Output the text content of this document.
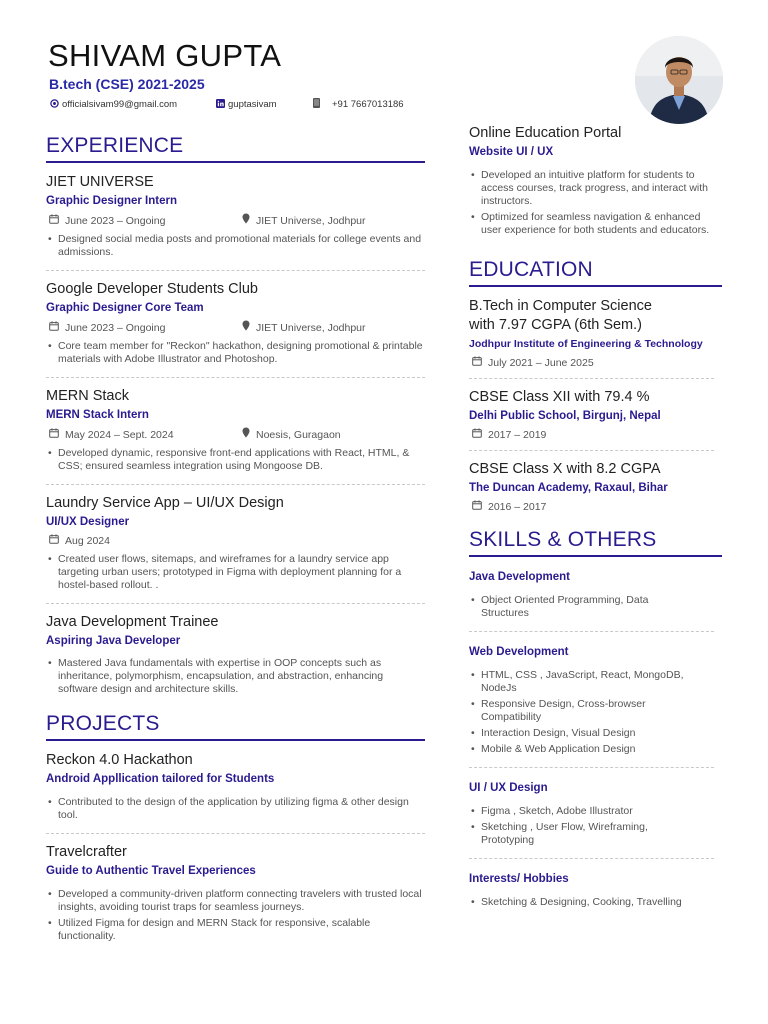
SHIVAM GUPTA
B.tech (CSE) 2021-2025
officialsivam99@gmail.com	guptasivam	+91 7667013186
EXPERIENCE
JIET UNIVERSE
Graphic Designer Intern
June 2023 – Ongoing	JIET Universe, Jodhpur
• Designed social media posts and promotional materials for college events and admissions.
Google Developer Students Club
Graphic Designer Core Team
June 2023 – Ongoing	JIET Universe, Jodhpur
• Core team member for "Reckon" hackathon, designing promotional & printable materials with Adobe Illustrator and Photoshop.
MERN Stack
MERN Stack Intern
May 2024 – Sept. 2024	Noesis, Guragaon
• Developed dynamic, responsive front-end applications with React, HTML, & CSS; ensured seamless integration using Mongoose DB.
Laundry Service App – UI/UX Design
UI/UX Designer
Aug 2024
• Created user flows, sitemaps, and wireframes for a laundry service app targeting urban users; prototyped in Figma with deployment planning for a hostel-based rollout. .
Java Development Trainee
Aspiring Java Developer
• Mastered Java fundamentals with expertise in OOP concepts such as inheritance, polymorphism, encapsulation, and abstraction, enhancing software design and architecture skills.
PROJECTS
Reckon 4.0 Hackathon
Android Appllication tailored for Students
• Contributed to the design of the application by utilizing figma & other design tool.
Travelcrafter
Guide to Authentic Travel Experiences
• Developed a community-driven platform connecting travelers with trusted local insights, avoiding tourist traps for seamless journeys.
• Utilized Figma for design and MERN Stack for responsive, scalable functionality.
Online Education Portal
Website UI / UX
• Developed an intuitive platform for students to access courses, track progress, and interact with instructors.
• Optimized for seamless navigation & enhanced user experience for both students and educators.
EDUCATION
B.Tech in Computer Science with 7.97 CGPA (6th Sem.)
Jodhpur Institute of Engineering & Technology
July 2021 – June 2025
CBSE Class XII with 79.4 %
Delhi Public School, Birgunj, Nepal
2017 – 2019
CBSE Class X with 8.2 CGPA
The Duncan Academy, Raxaul, Bihar
2016 – 2017
SKILLS & OTHERS
Java Development
• Object Oriented Programming, Data Structures
Web Development
• HTML, CSS , JavaScript, React, MongoDB, NodeJs
• Responsive Design, Cross-browser Compatibility
• Interaction Design, Visual Design
• Mobile & Web Application Design
UI / UX Design
• Figma , Sketch, Adobe Illustrator
• Sketching , User Flow, Wireframing, Prototyping
Interests/ Hobbies
• Sketching & Designing, Cooking, Travelling
